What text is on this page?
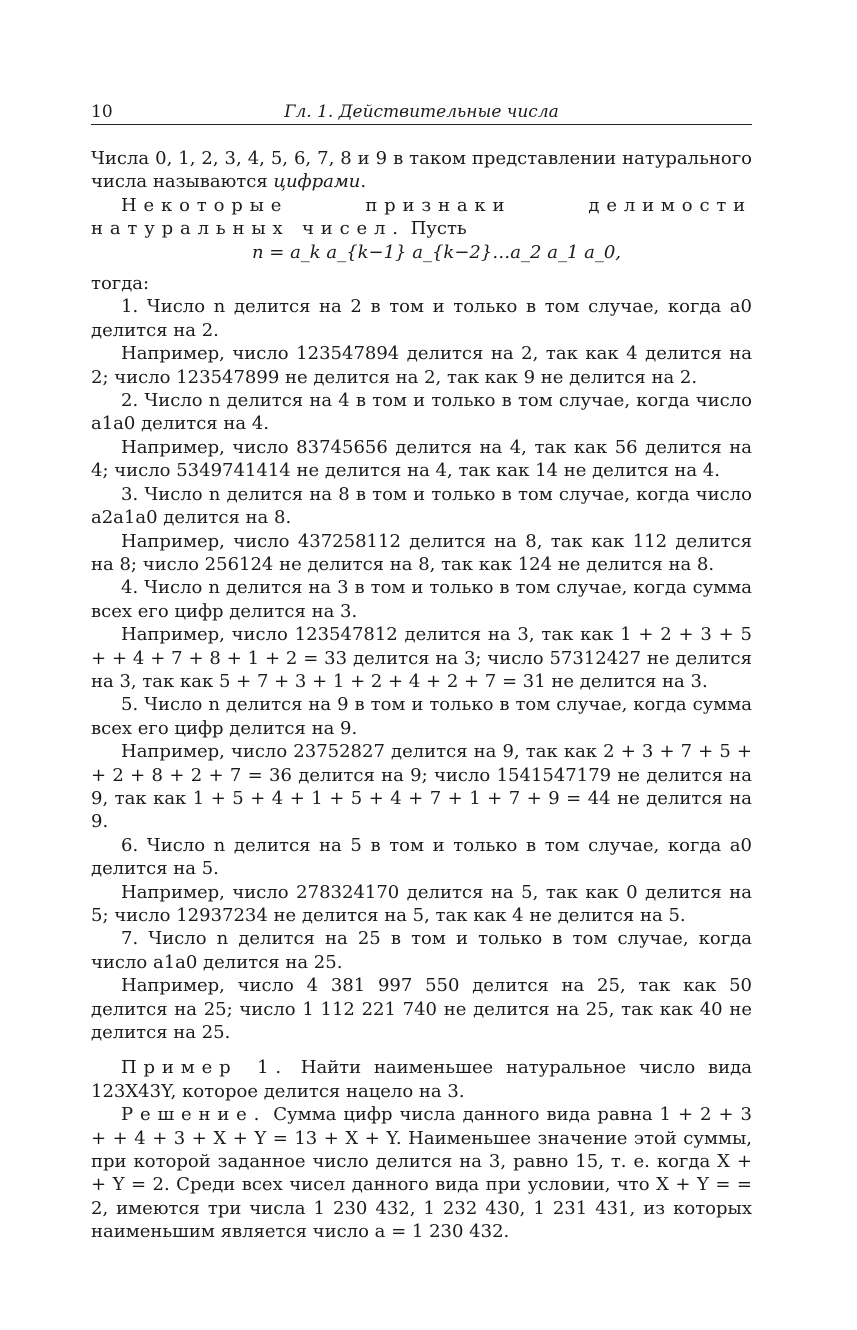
10	Гл. 1. Действительные числа

Числа 0, 1, 2, 3, 4, 5, 6, 7, 8 и 9 в таком представлении натурального числа называются цифрами.

Некоторые признаки делимости натуральных чисел. Пусть

n = a_k a_{k−1} a_{k−2}…a_2 a_1 a_0,

тогда:

1. Число n делится на 2 в том и только в том случае, когда a0 делится на 2.

Например, число 123547894 делится на 2, так как 4 делится на 2; число 123547899 не делится на 2, так как 9 не делится на 2.

2. Число n делится на 4 в том и только в том случае, когда число a1a0 делится на 4.

Например, число 83745656 делится на 4, так как 56 делится на 4; число 5349741414 не делится на 4, так как 14 не делится на 4.

3. Число n делится на 8 в том и только в том случае, когда число a2a1a0 делится на 8.

Например, число 437258112 делится на 8, так как 112 делится на 8; число 256124 не делится на 8, так как 124 не делится на 8.

4. Число n делится на 3 в том и только в том случае, когда сумма всех его цифр делится на 3.

Например, число 123547812 делится на 3, так как 1 + 2 + 3 + 5 + + 4 + 7 + 8 + 1 + 2 = 33 делится на 3; число 57312427 не делится на 3, так как 5 + 7 + 3 + 1 + 2 + 4 + 2 + 7 = 31 не делится на 3.

5. Число n делится на 9 в том и только в том случае, когда сумма всех его цифр делится на 9.

Например, число 23752827 делится на 9, так как 2 + 3 + 7 + 5 + + 2 + 8 + 2 + 7 = 36 делится на 9; число 1541547179 не делится на 9, так как 1 + 5 + 4 + 1 + 5 + 4 + 7 + 1 + 7 + 9 = 44 не делится на 9.

6. Число n делится на 5 в том и только в том случае, когда a0 делится на 5.

Например, число 278324170 делится на 5, так как 0 делится на 5; число 12937234 не делится на 5, так как 4 не делится на 5.

7. Число n делится на 25 в том и только в том случае, когда число a1a0 делится на 25.

Например, число 4 381 997 550 делится на 25, так как 50 делится на 25; число 1 112 221 740 не делится на 25, так как 40 не делится на 25.

Пример 1. Найти наименьшее натуральное число вида 123X43Y, которое делится нацело на 3.

Решение. Сумма цифр числа данного вида равна 1 + 2 + 3 + + 4 + 3 + X + Y = 13 + X + Y. Наименьшее значение этой суммы, при которой заданное число делится на 3, равно 15, т. е. когда X + + Y = 2. Среди всех чисел данного вида при условии, что X + Y = = 2, имеются три числа 1 230 432, 1 232 430, 1 231 431, из которых наименьшим является число a = 1 230 432.
